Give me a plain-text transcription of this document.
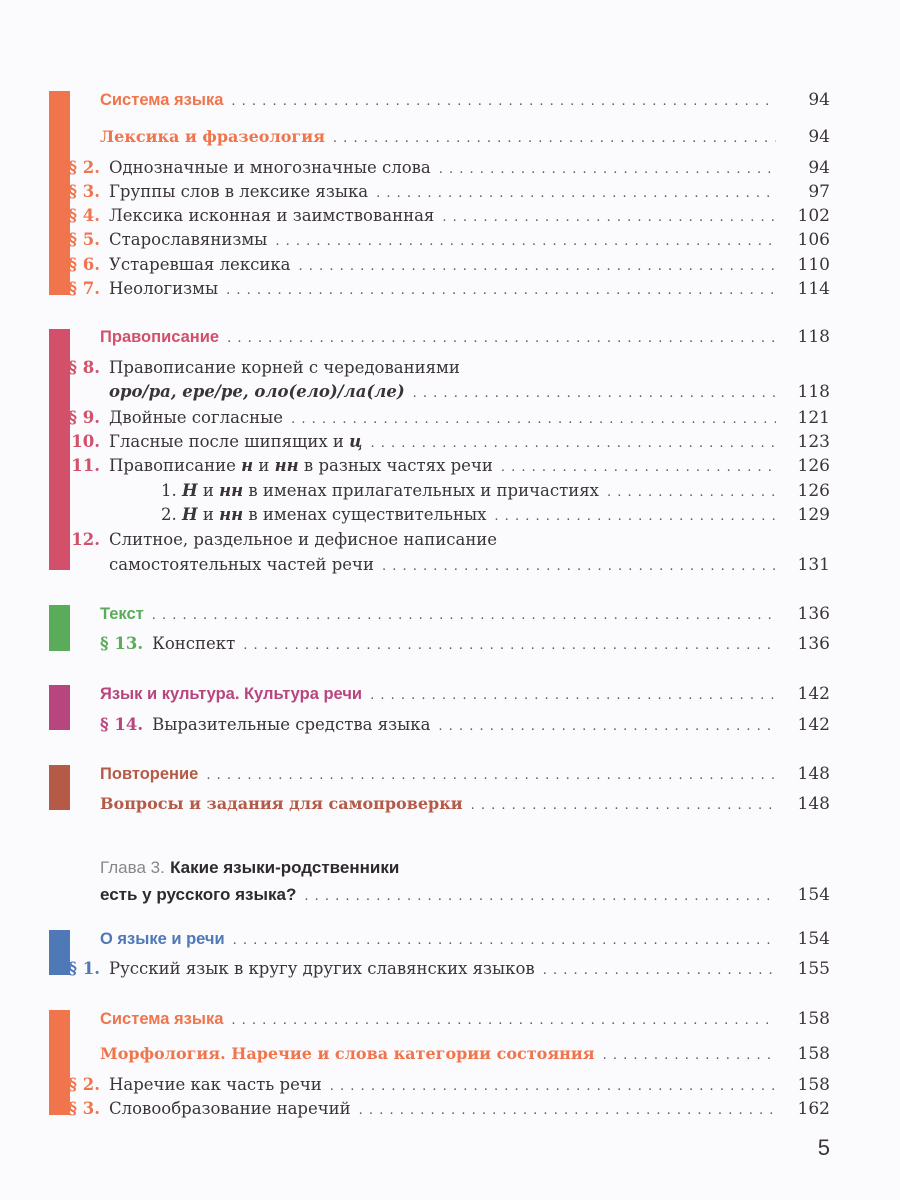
Система языка . . .	94
Лексика и фразеология . . .	94
§ 2. Однозначные и многозначные слова . . .	94
§ 3. Группы слов в лексике языка . . .	97
§ 4. Лексика исконная и заимствованная . . .	102
§ 5. Старославянизмы . . .	106
§ 6. Устаревшая лексика . . .	110
§ 7. Неологизмы . . .	114
Правописание . . .	118
§ 8. Правописание корней с чередованиями
оро/ра, ере/ре, оло(ело)/ла(ле) . . .	118
§ 9. Двойные согласные . . .	121
§ 10. Гласные после шипящих и ц . . .	123
§ 11. Правописание н и нн в разных частях речи . . .	126
1. Н и нн в именах прилагательных и причастиях . . .	126
2. Н и нн в именах существительных . . .	129
§ 12. Слитное, раздельное и дефисное написание
самостоятельных частей речи . . .	131
Текст . . .	136
§ 13. Конспект . . .	136
Язык и культура. Культура речи . . .	142
§ 14. Выразительные средства языка . . .	142
Повторение . . .	148
Вопросы и задания для самопроверки . . .	148
Глава 3. Какие языки-родственники
есть у русского языка? . . .	154
О языке и речи . . .	154
§ 1. Русский язык в кругу других славянских языков . . .	155
Система языка . . .	158
Морфология. Наречие и слова категории состояния . . .	158
§ 2. Наречие как часть речи . . .	158
§ 3. Словообразование наречий . . .	162
5
